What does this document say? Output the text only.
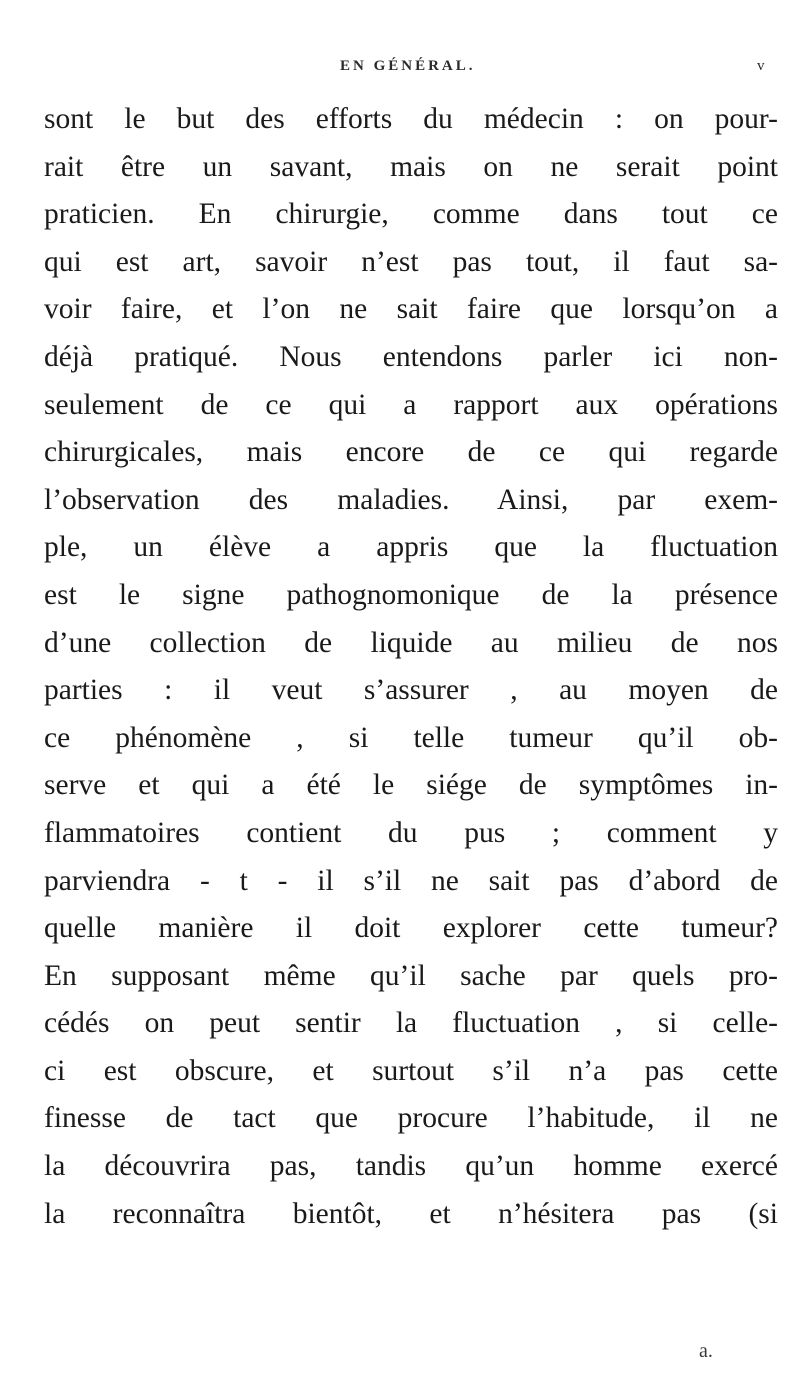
EN GÉNÉRAL.	v
sont le but des efforts du médecin : on pour-
rait être un savant, mais on ne serait point
praticien. En chirurgie, comme dans tout ce
qui est art, savoir n’est pas tout, il faut sa-
voir faire, et l’on ne sait faire que lorsqu’on a
déjà pratiqué. Nous entendons parler ici non-
seulement de ce qui a rapport aux opérations
chirurgicales, mais encore de ce qui regarde
l’observation des maladies. Ainsi, par exem-
ple, un élève a appris que la fluctuation
est le signe pathognomonique de la présence
d’une collection de liquide au milieu de nos
parties : il veut s’assurer , au moyen de
ce phénomène , si telle tumeur qu’il ob-
serve et qui a été le siége de symptômes in-
flammatoires contient du pus ; comment y
parviendra - t - il s’il ne sait pas d’abord de
quelle manière il doit explorer cette tumeur?
En supposant même qu’il sache par quels pro-
cédés on peut sentir la fluctuation , si celle-
ci est obscure, et surtout s’il n’a pas cette
finesse de tact que procure l’habitude, il ne
la découvrira pas, tandis qu’un homme exercé
la reconnaîtra bientôt, et n’hésitera pas (si
a.
